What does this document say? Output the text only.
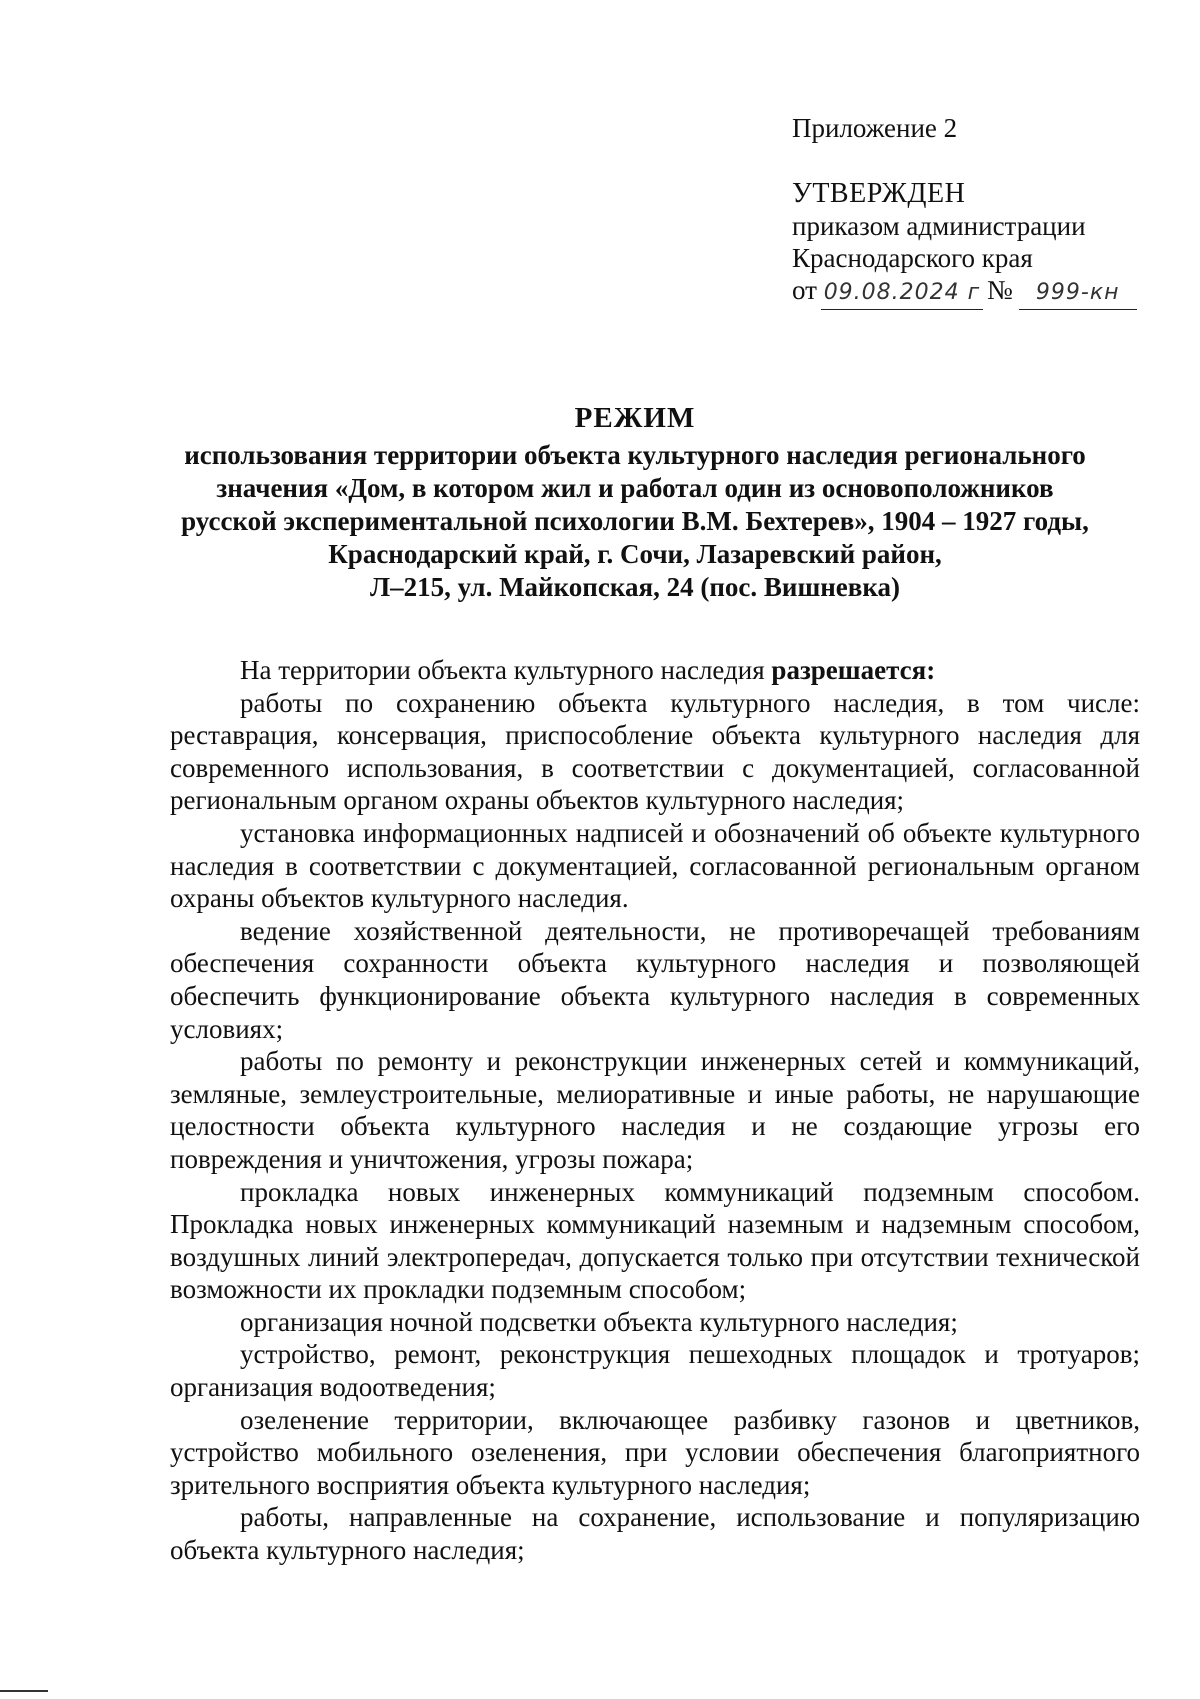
Приложение 2
УТВЕРЖДЕН
приказом администрации
Краснодарского края
от 09.08.2024 г №	999-кн
РЕЖИМ
использования территории объекта культурного наследия регионального
значения «Дом, в котором жил и работал один из основоположников
русской экспериментальной психологии В.М. Бехтерев», 1904 – 1927 годы,
Краснодарский край, г. Сочи, Лазаревский район,
Л–215, ул. Майкопская, 24 (пос. Вишневка)

На территории объекта культурного наследия разрешается:

работы по сохранению объекта культурного наследия, в том числе: реставрация, консервация, приспособление объекта культурного наследия для современного использования, в соответствии с документацией, согласованной региональным органом охраны объектов культурного наследия;

установка информационных надписей и обозначений об объекте культурного наследия в соответствии с документацией, согласованной региональным органом охраны объектов культурного наследия.

ведение хозяйственной деятельности, не противоречащей требованиям обеспечения сохранности объекта культурного наследия и позволяющей обеспечить функционирование объекта культурного наследия в современных условиях;

работы по ремонту и реконструкции инженерных сетей и коммуникаций, земляные, землеустроительные, мелиоративные и иные работы, не нарушающие целостности объекта культурного наследия и не создающие угрозы его повреждения и уничтожения, угрозы пожара;

прокладка новых инженерных коммуникаций подземным способом. Прокладка новых инженерных коммуникаций наземным и надземным способом, воздушных линий электропередач, допускается только при отсутствии технической возможности их прокладки подземным способом;

организация ночной подсветки объекта культурного наследия;

устройство, ремонт, реконструкция пешеходных площадок и тротуаров; организация водоотведения;

озеленение территории, включающее разбивку газонов и цветников, устройство мобильного озеленения, при условии обеспечения благоприятного зрительного восприятия объекта культурного наследия;

работы, направленные на сохранение, использование и популяризацию объекта культурного наследия;
